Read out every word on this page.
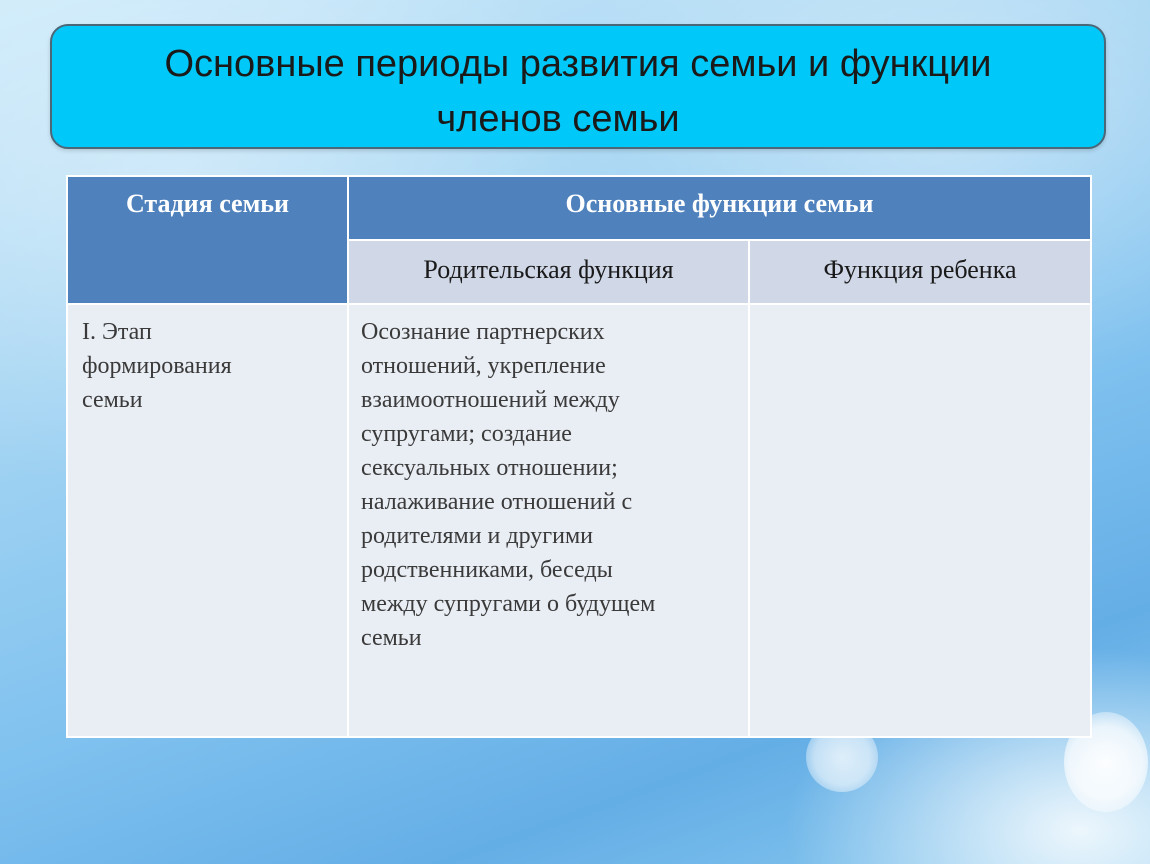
Основные периоды развития семьи и функции
членов семьи
Стадия семьи	Основные функции семьи
Родительская функция	Функция ребенка
I. Этап
формирования
семьи
Осознание партнерских
отношений, укрепление
взаимоотношений между
супругами; создание
сексуальных отношении;
налаживание отношений с
родителями и другими
родственниками, беседы
между супругами о будущем
семьи
